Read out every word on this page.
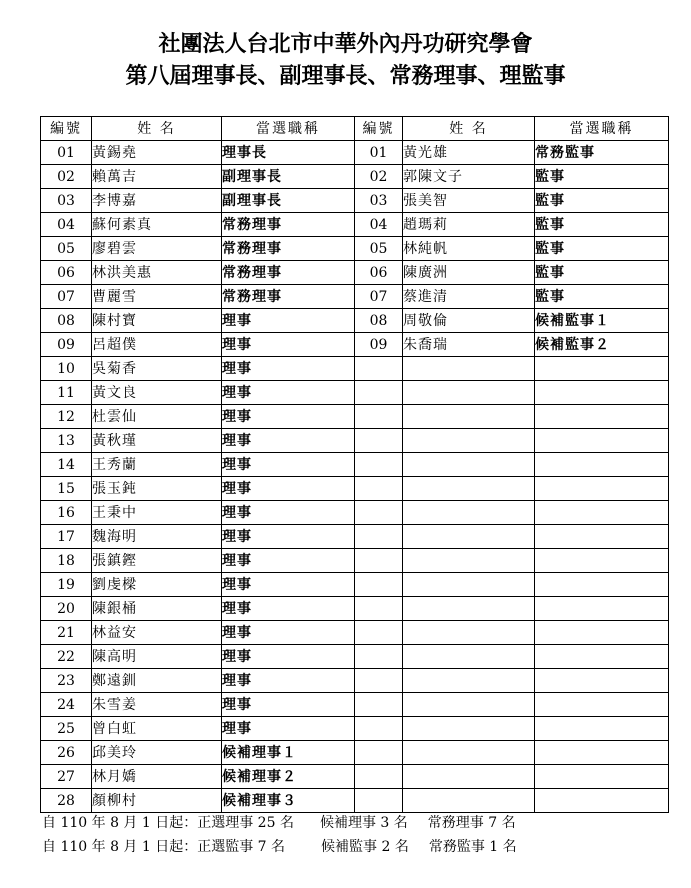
社團法人台北市中華外內丹功研究學會
第八屆理事長、副理事長、常務理事、理監事
編號	姓 名	當選職稱	編號	姓 名	當選職稱
01	黃錫堯	理事長	01	黃光雄	常務監事
02	賴萬吉	副理事長	02	郭陳文子	監事
03	李博嘉	副理事長	03	張美智	監事
04	蘇何素真	常務理事	04	趙瑪莉	監事
05	廖碧雲	常務理事	05	林純帆	監事
06	林洪美惠	常務理事	06	陳廣洲	監事
07	曹麗雪	常務理事	07	蔡進清	監事
08	陳村寶	理事	08	周敬倫	候補監事１
09	呂超僕	理事	09	朱喬瑞	候補監事２
10	吳菊香	理事			
11	黃文良	理事			
12	杜雲仙	理事			
13	黃秋瑾	理事			
14	王秀蘭	理事			
15	張玉鈍	理事			
16	王秉中	理事			
17	魏海明	理事			
18	張鎮鏗	理事			
19	劉虔樑	理事			
20	陳銀桶	理事			
21	林益安	理事			
22	陳高明	理事			
23	鄭遠釧	理事			
24	朱雪姜	理事			
25	曾白虹	理事			
26	邱美玲	候補理事１			
27	林月嬌	候補理事２			
28	顏柳村	候補理事３			
自 110 年 8 月 1 日起：正選理事 25 名 候補理事 3 名 常務理事 7 名
自 110 年 8 月 1 日起：正選監事 7 名	候補監事 2 名 常務監事 1 名
